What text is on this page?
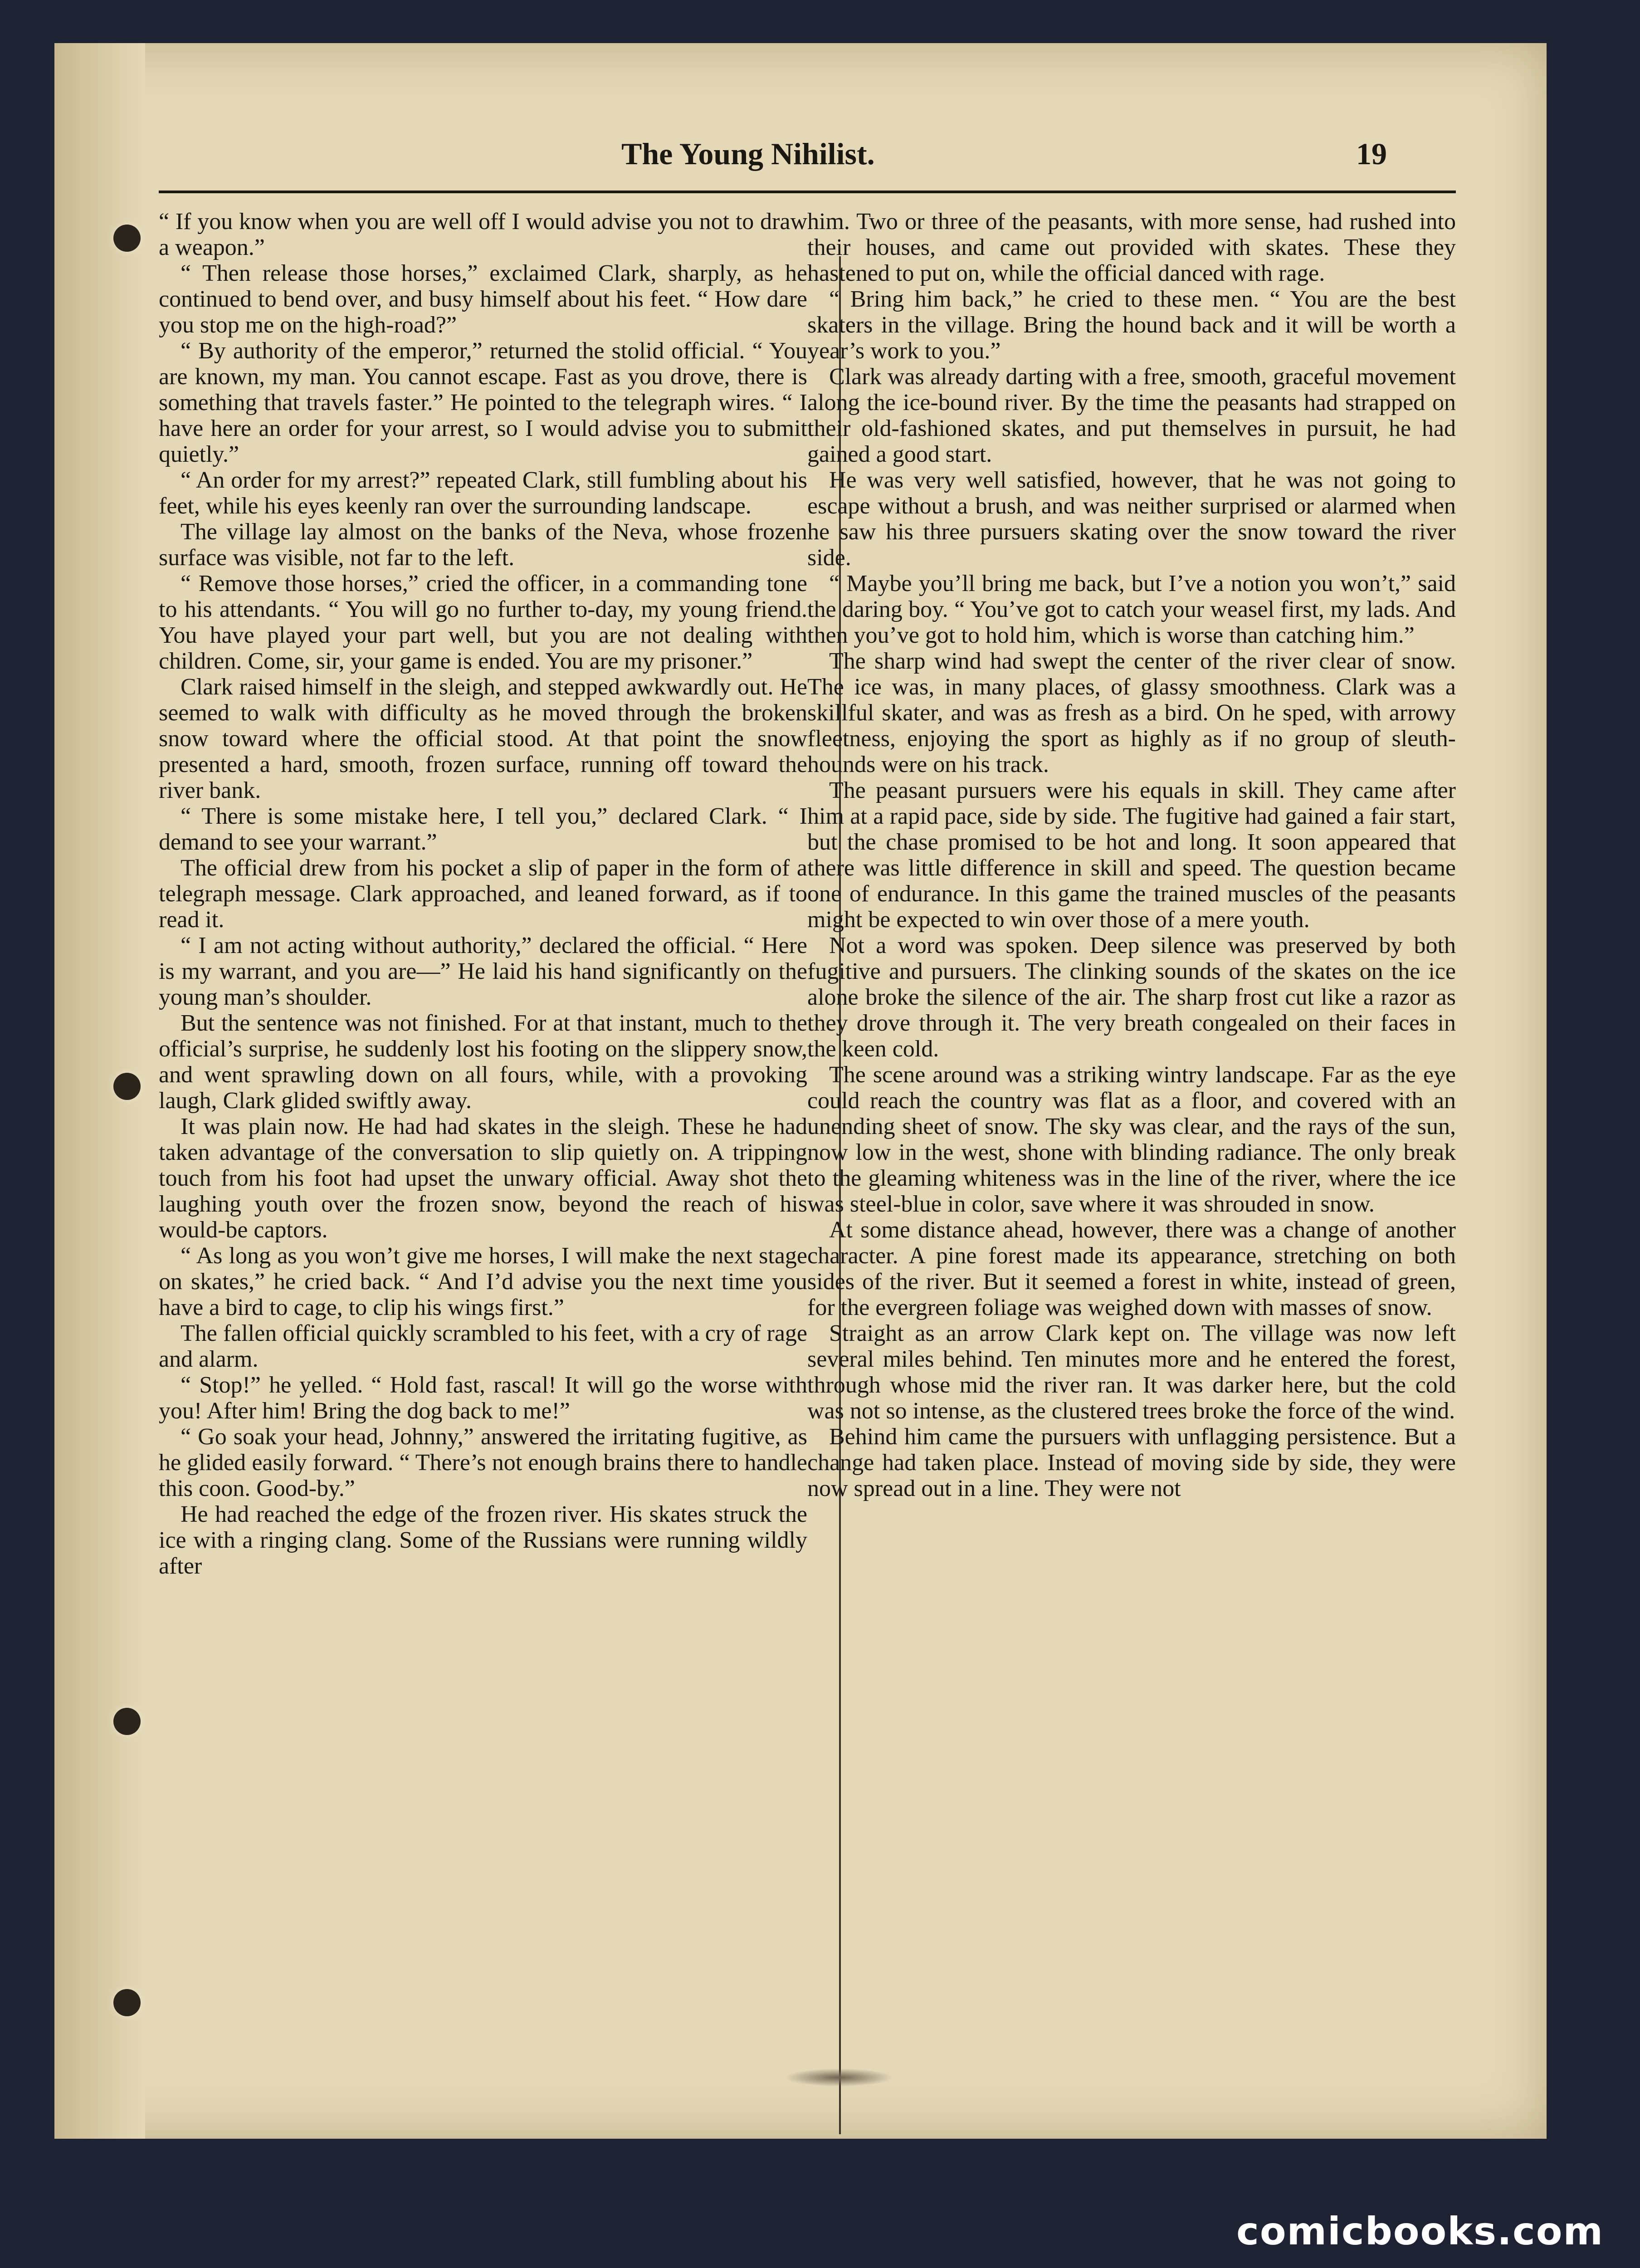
The Young Nihilist.	19

“ If you know when you are well off I would advise you not to draw a weapon.”

“ Then release those horses,” exclaimed Clark, sharply, as he continued to bend over, and busy himself about his feet. “ How dare you stop me on the high-road?”

“ By authority of the emperor,” returned the stolid official. “ You are known, my man. You cannot escape. Fast as you drove, there is something that travels faster.” He pointed to the telegraph wires. “ I have here an order for your arrest, so I would advise you to submit quietly.”

“ An order for my arrest?” repeated Clark, still fumbling about his feet, while his eyes keenly ran over the surrounding landscape.

The village lay almost on the banks of the Neva, whose frozen surface was visible, not far to the left.

“ Remove those horses,” cried the officer, in a commanding tone to his attendants. “ You will go no further to-day, my young friend. You have played your part well, but you are not dealing with children. Come, sir, your game is ended. You are my prisoner.”

Clark raised himself in the sleigh, and stepped awkwardly out. He seemed to walk with difficulty as he moved through the broken snow toward where the official stood. At that point the snow presented a hard, smooth, frozen surface, running off toward the river bank.

“ There is some mistake here, I tell you,” declared Clark. “ I demand to see your warrant.”

The official drew from his pocket a slip of paper in the form of a telegraph message. Clark approached, and leaned forward, as if to read it.

“ I am not acting without authority,” declared the official. “ Here is my warrant, and you are—” He laid his hand significantly on the young man’s shoulder.

But the sentence was not finished. For at that instant, much to the official’s surprise, he suddenly lost his footing on the slippery snow, and went sprawling down on all fours, while, with a provoking laugh, Clark glided swiftly away.

It was plain now. He had had skates in the sleigh. These he had taken advantage of the conversation to slip quietly on. A tripping touch from his foot had upset the unwary official. Away shot the laughing youth over the frozen snow, beyond the reach of his would-be captors.

“ As long as you won’t give me horses, I will make the next stage on skates,” he cried back. “ And I’d advise you the next time you have a bird to cage, to clip his wings first.”

The fallen official quickly scrambled to his feet, with a cry of rage and alarm.

“ Stop!” he yelled. “ Hold fast, rascal! It will go the worse with you! After him! Bring the dog back to me!”

“ Go soak your head, Johnny,” answered the irritating fugitive, as he glided easily forward. “ There’s not enough brains there to handle this coon. Good-by.”

He had reached the edge of the frozen river. His skates struck the ice with a ringing clang. Some of the Russians were running wildly after

him. Two or three of the peasants, with more sense, had rushed into their houses, and came out provided with skates. These they hastened to put on, while the official danced with rage.

“ Bring him back,” he cried to these men. “ You are the best skaters in the village. Bring the hound back and it will be worth a year’s work to you.”

Clark was already darting with a free, smooth, graceful movement along the ice-bound river. By the time the peasants had strapped on their old-fashioned skates, and put themselves in pursuit, he had gained a good start.

He was very well satisfied, however, that he was not going to escape without a brush, and was neither surprised or alarmed when he saw his three pursuers skating over the snow toward the river side.

“ Maybe you’ll bring me back, but I’ve a notion you won’t,” said the daring boy. “ You’ve got to catch your weasel first, my lads. And then you’ve got to hold him, which is worse than catching him.”

The sharp wind had swept the center of the river clear of snow. The ice was, in many places, of glassy smoothness. Clark was a skillful skater, and was as fresh as a bird. On he sped, with arrowy fleetness, enjoying the sport as highly as if no group of sleuth-hounds were on his track.

The peasant pursuers were his equals in skill. They came after him at a rapid pace, side by side. The fugitive had gained a fair start, but the chase promised to be hot and long. It soon appeared that there was little difference in skill and speed. The question became one of endurance. In this game the trained muscles of the peasants might be expected to win over those of a mere youth.

Not a word was spoken. Deep silence was preserved by both fugitive and pursuers. The clinking sounds of the skates on the ice alone broke the silence of the air. The sharp frost cut like a razor as they drove through it. The very breath congealed on their faces in the keen cold.

The scene around was a striking wintry landscape. Far as the eye could reach the country was flat as a floor, and covered with an unending sheet of snow. The sky was clear, and the rays of the sun, now low in the west, shone with blinding radiance. The only break to the gleaming whiteness was in the line of the river, where the ice was steel-blue in color, save where it was shrouded in snow.

At some distance ahead, however, there was a change of another character. A pine forest made its appearance, stretching on both sides of the river. But it seemed a forest in white, instead of green, for the evergreen foliage was weighed down with masses of snow.

Straight as an arrow Clark kept on. The village was now left several miles behind. Ten minutes more and he entered the forest, through whose mid the river ran. It was darker here, but the cold was not so intense, as the clustered trees broke the force of the wind.

Behind him came the pursuers with unflagging persistence. But a change had taken place. Instead of moving side by side, they were now spread out in a line. They were not

comicbooks.com
